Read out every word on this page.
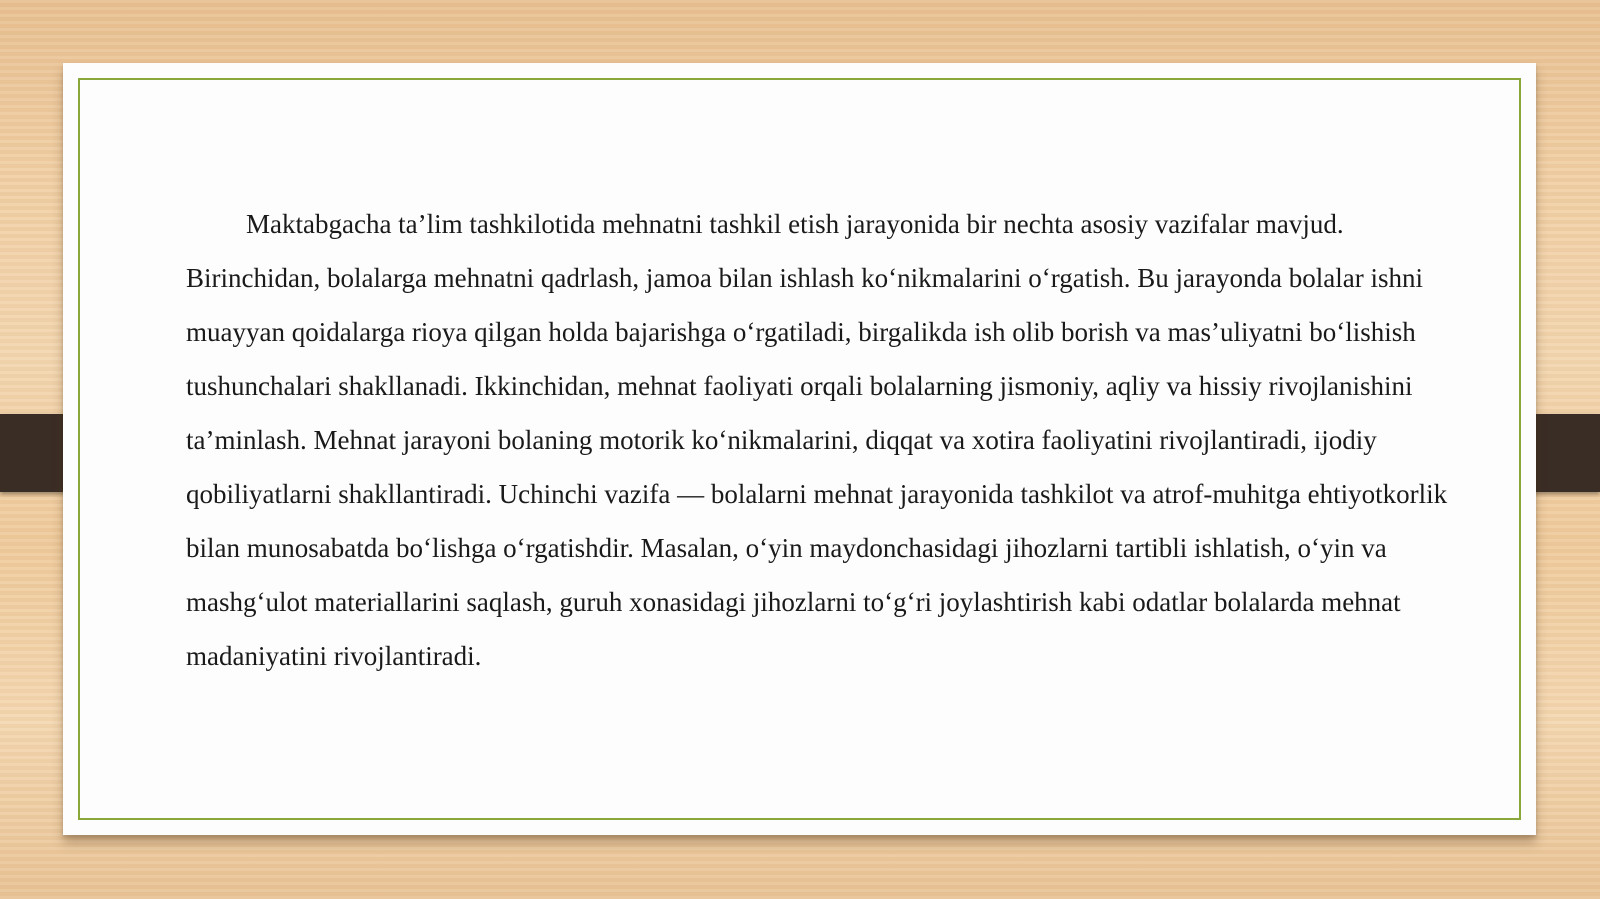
Maktabgacha ta’lim tashkilotida mehnatni tashkil etish jarayonida bir nechta asosiy vazifalar mavjud. Birinchidan, bolalarga mehnatni qadrlash, jamoa bilan ishlash ko‘nikmalarini o‘rgatish. Bu jarayonda bolalar ishni muayyan qoidalarga rioya qilgan holda bajarishga o‘rgatiladi, birgalikda ish olib borish va mas’uliyatni bo‘lishish tushunchalari shakllanadi. Ikkinchidan, mehnat faoliyati orqali bolalarning jismoniy, aqliy va hissiy rivojlanishini ta’minlash. Mehnat jarayoni bolaning motorik ko‘nikmalarini, diqqat va xotira faoliyatini rivojlantiradi, ijodiy qobiliyatlarni shakllantiradi. Uchinchi vazifa — bolalarni mehnat jarayonida tashkilot va atrof-muhitga ehtiyotkorlik bilan munosabatda bo‘lishga o‘rgatishdir. Masalan, o‘yin maydonchasidagi jihozlarni tartibli ishlatish, o‘yin va mashg‘ulot materiallarini saqlash, guruh xonasidagi jihozlarni to‘g‘ri joylashtirish kabi odatlar bolalarda mehnat madaniyatini rivojlantiradi.
